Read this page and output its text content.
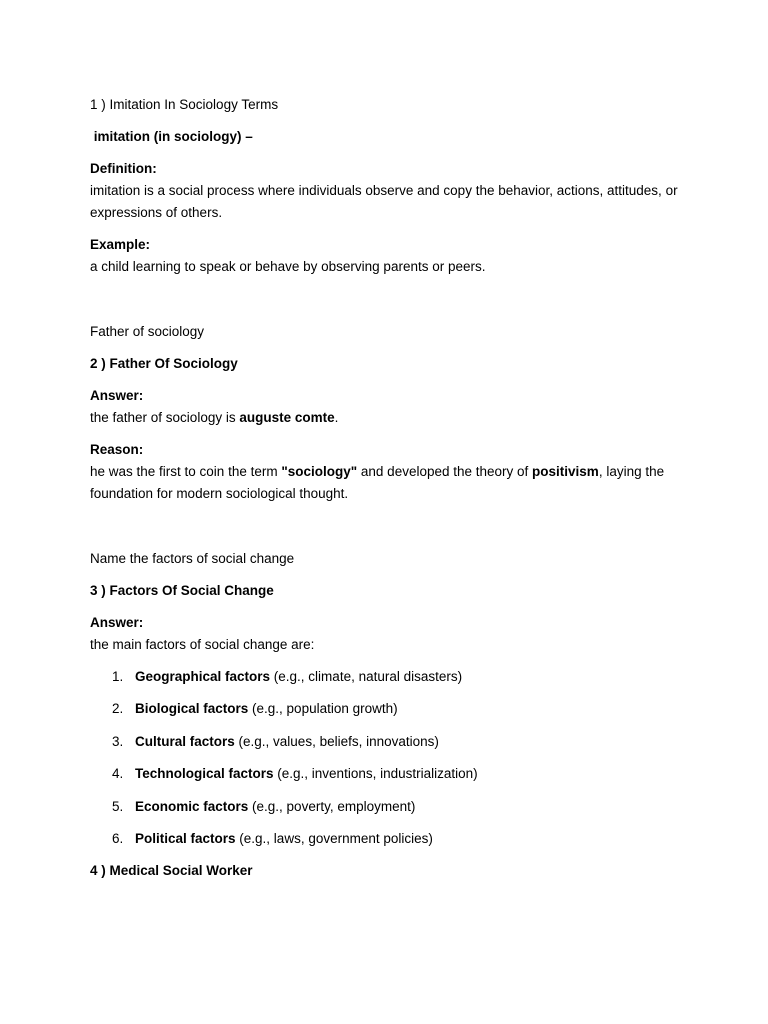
1 ) Imitation In Sociology Terms

imitation (in sociology) –

Definition:

imitation is a social process where individuals observe and copy the behavior, actions, attitudes, or expressions of others.

Example:

a child learning to speak or behave by observing parents or peers.

Father of sociology

2 ) Father Of Sociology

Answer:

the father of sociology is auguste comte.

Reason:

he was the first to coin the term "sociology" and developed the theory of positivism, laying the foundation for modern sociological thought.

Name the factors of social change

3 ) Factors Of Social Change

Answer:

the main factors of social change are:

1. Geographical factors (e.g., climate, natural disasters)
2. Biological factors (e.g., population growth)
3. Cultural factors (e.g., values, beliefs, innovations)
4. Technological factors (e.g., inventions, industrialization)
5. Economic factors (e.g., poverty, employment)
6. Political factors (e.g., laws, government policies)

4 ) Medical Social Worker
